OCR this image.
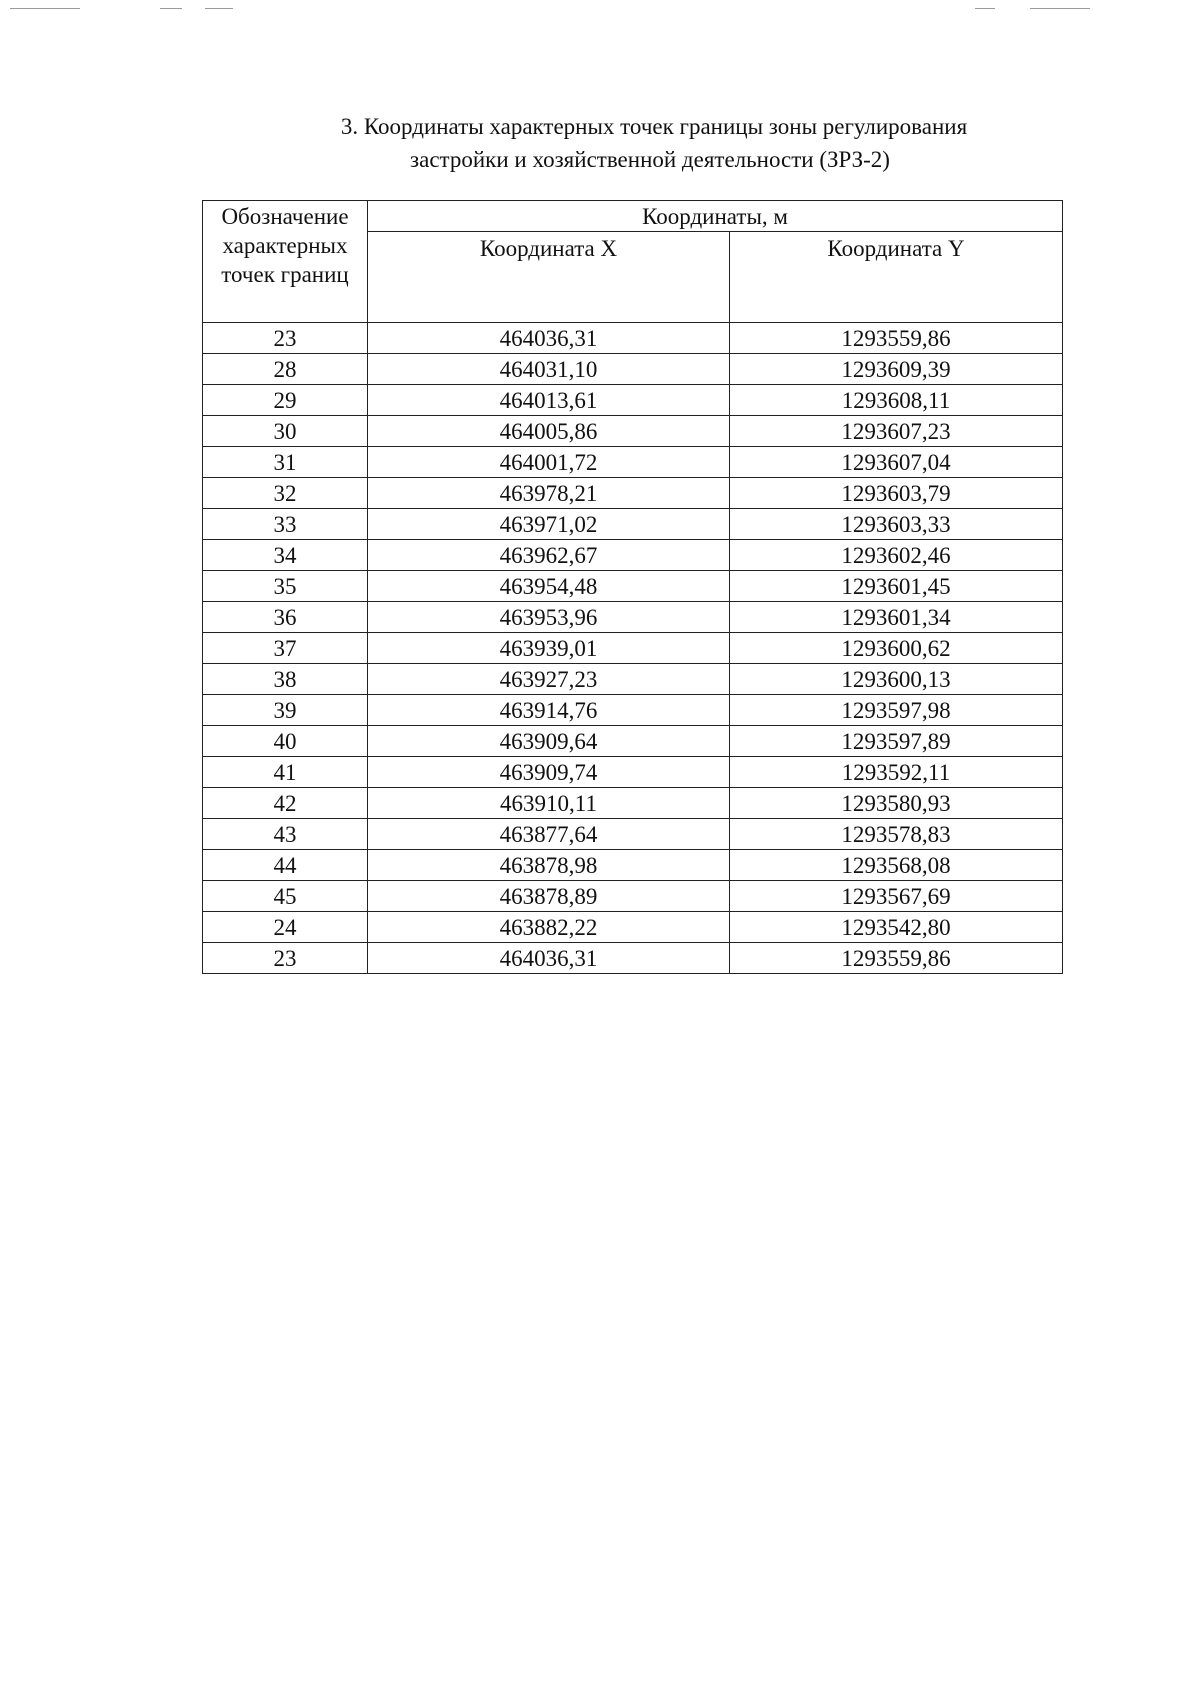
3. Координаты характерных точек границы зоны регулирования
застройки и хозяйственной деятельности (ЗРЗ-2)
Обозначение характерных точек границ	Координаты, м	
	Координата X	Координата Y
23	464036,31	1293559,86
28	464031,10	1293609,39
29	464013,61	1293608,11
30	464005,86	1293607,23
31	464001,72	1293607,04
32	463978,21	1293603,79
33	463971,02	1293603,33
34	463962,67	1293602,46
35	463954,48	1293601,45
36	463953,96	1293601,34
37	463939,01	1293600,62
38	463927,23	1293600,13
39	463914,76	1293597,98
40	463909,64	1293597,89
41	463909,74	1293592,11
42	463910,11	1293580,93
43	463877,64	1293578,83
44	463878,98	1293568,08
45	463878,89	1293567,69
24	463882,22	1293542,80
23	464036,31	1293559,86
